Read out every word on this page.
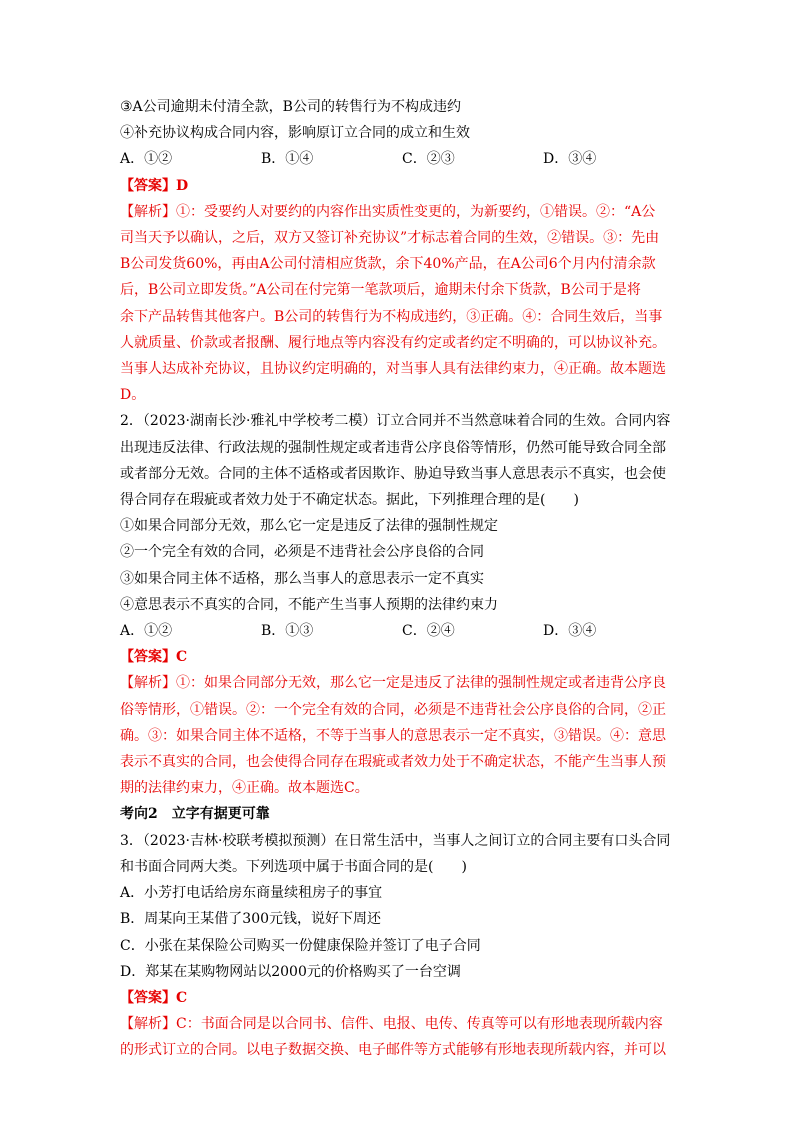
③A公司逾期未付清全款，B公司的转售行为不构成违约
④补充协议构成合同内容，影响原订立合同的成立和生效
A．①②	B．①④	C．②③	D．③④
【答案】D
【解析】①：受要约人对要约的内容作出实质性变更的，为新要约，①错误。②：“A公
司当天予以确认，之后，双方又签订补充协议”才标志着合同的生效，②错误。③：先由
B公司发货60%，再由A公司付清相应货款，余下40%产品，在A公司6个月内付清余款
后，B公司立即发货。”A公司在付完第一笔款项后，逾期未付余下货款，B公司于是将
余下产品转售其他客户。B公司的转售行为不构成违约，③正确。④：合同生效后，当事
人就质量、价款或者报酬、履行地点等内容没有约定或者约定不明确的，可以协议补充。
当事人达成补充协议，且协议约定明确的，对当事人具有法律约束力，④正确。故本题选
D。
2．（2023·湖南长沙·雅礼中学校考二模）订立合同并不当然意味着合同的生效。合同内容
出现违反法律、行政法规的强制性规定或者违背公序良俗等情形，仍然可能导致合同全部
或者部分无效。合同的主体不适格或者因欺诈、胁迫导致当事人意思表示不真实，也会使
得合同存在瑕疵或者效力处于不确定状态。据此，下列推理合理的是(　　)
①如果合同部分无效，那么它一定是违反了法律的强制性规定
②一个完全有效的合同，必须是不违背社会公序良俗的合同
③如果合同主体不适格，那么当事人的意思表示一定不真实
④意思表示不真实的合同，不能产生当事人预期的法律约束力
A．①②	B．①③	C．②④	D．③④
【答案】C
【解析】①：如果合同部分无效，那么它一定是违反了法律的强制性规定或者违背公序良
俗等情形，①错误。②：一个完全有效的合同，必须是不违背社会公序良俗的合同，②正
确。③：如果合同主体不适格，不等于当事人的意思表示一定不真实，③错误。④：意思
表示不真实的合同，也会使得合同存在瑕疵或者效力处于不确定状态，不能产生当事人预
期的法律约束力，④正确。故本题选C。
考向2　立字有据更可靠
3．（2023·吉林·校联考模拟预测）在日常生活中，当事人之间订立的合同主要有口头合同
和书面合同两大类。下列选项中属于书面合同的是(　　)
A．小芳打电话给房东商量续租房子的事宜
B．周某向王某借了300元钱，说好下周还
C．小张在某保险公司购买一份健康保险并签订了电子合同
D．郑某在某购物网站以2000元的价格购买了一台空调
【答案】C
【解析】C：书面合同是以合同书、信件、电报、电传、传真等可以有形地表现所载内容
的形式订立的合同。以电子数据交换、电子邮件等方式能够有形地表现所载内容，并可以
